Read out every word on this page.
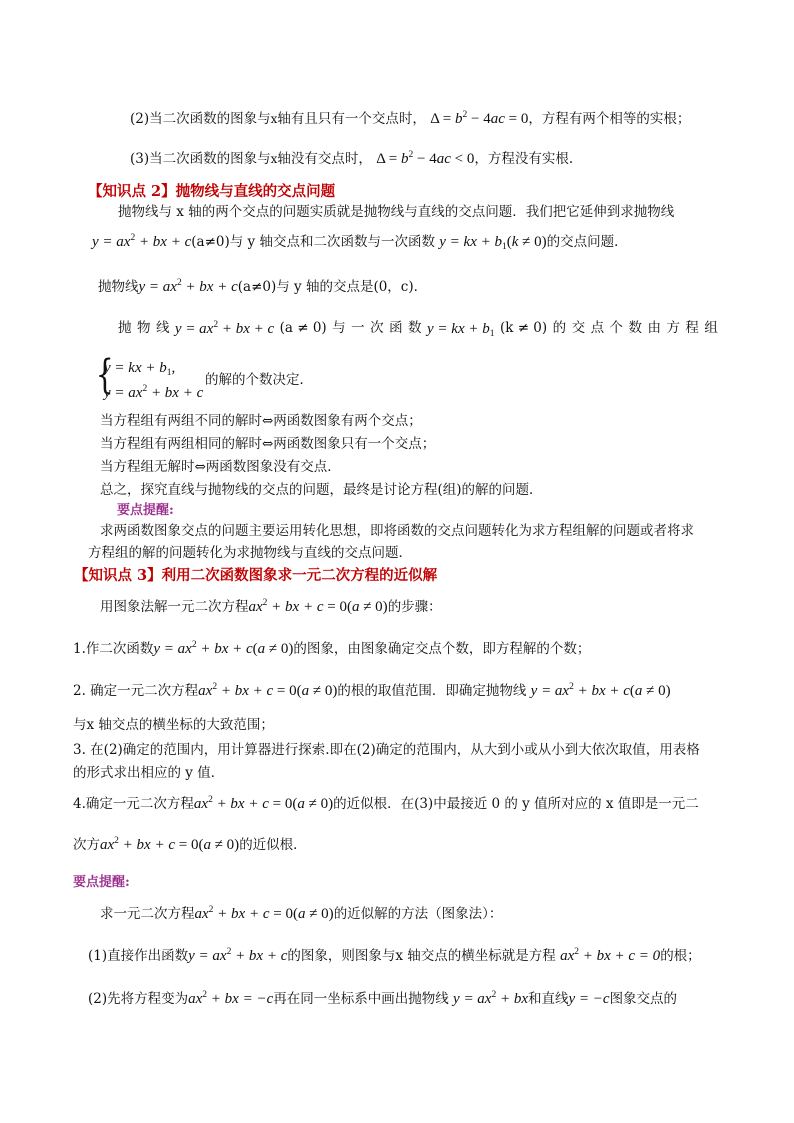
(2)当二次函数的图象与x轴有且只有一个交点时， $\Delta = b^2 - 4ac = 0$，方程有两个相等的实根；
(3)当二次函数的图象与x轴没有交点时， $\Delta = b^2 - 4ac < 0$，方程没有实根.
【知识点 2】抛物线与直线的交点问题
抛物线与 x 轴的两个交点的问题实质就是抛物线与直线的交点问题．我们把它延伸到求抛物线
$y = ax^2$ + bx + c(a≠0)与 y 轴交点和二次函数与一次函数 y = kx + $b_1(k \ne 0)$的交点问题．
抛物线$y = ax^2$ + bx + c(a≠0)与 y 轴的交点是(0，c)．
抛 物 线 $y = ax^2$ + bx + c (a ≠ 0) 与 一 次 函 数 y = kx + $b_1$ (k ≠ 0) 的 交 点 个 数 由 方 程 组
{
y = kx + $b_1$,
$y = ax^2$ + bx + c
的解的个数决定．
当方程组有两组不同的解时⇔两函数图象有两个交点；
当方程组有两组相同的解时⇔两函数图象只有一个交点；
当方程组无解时⇔两函数图象没有交点．
总之，探究直线与抛物线的交点的问题，最终是讨论方程(组)的解的问题．
要点提醒:
求两函数图象交点的问题主要运用转化思想，即将函数的交点问题转化为求方程组解的问题或者将求
方程组的解的问题转化为求抛物线与直线的交点问题．
【知识点 3】利用二次函数图象求一元二次方程的近似解
用图象法解一元二次方程$ax^2$ + bx + c = 0(a ≠ 0)的步骤：
1.作二次函数$y = ax^2$ + bx + c(a ≠ 0)的图象，由图象确定交点个数，即方程解的个数；
2. 确定一元二次方程$ax^2$ + bx + c = 0(a ≠ 0)的根的取值范围．即确定抛物线 $y = ax^2$ + bx + c(a ≠ 0)
与x 轴交点的横坐标的大致范围；
3. 在(2)确定的范围内，用计算器进行探索.即在(2)确定的范围内，从大到小或从小到大依次取值，用表格
的形式求出相应的 y 值．
4.确定一元二次方程$ax^2$ + bx + c = 0(a ≠ 0)的近似根．在(3)中最接近 0 的 y 值所对应的 x 值即是一元二
次方$ax^2$ + bx + c = 0(a ≠ 0)的近似根．
要点提醒:
求一元二次方程$ax^2$ + bx + c = 0(a ≠ 0)的近似解的方法（图象法）：
(1)直接作出函数$y = ax^2$ + bx + c的图象，则图象与x 轴交点的横坐标就是方程 $ax^2$ + bx + c = 0的根；
(2)先将方程变为$ax^2$ + bx = −c再在同一坐标系中画出抛物线 $y = ax^2$ + bx和直线y = −c图象交点的
